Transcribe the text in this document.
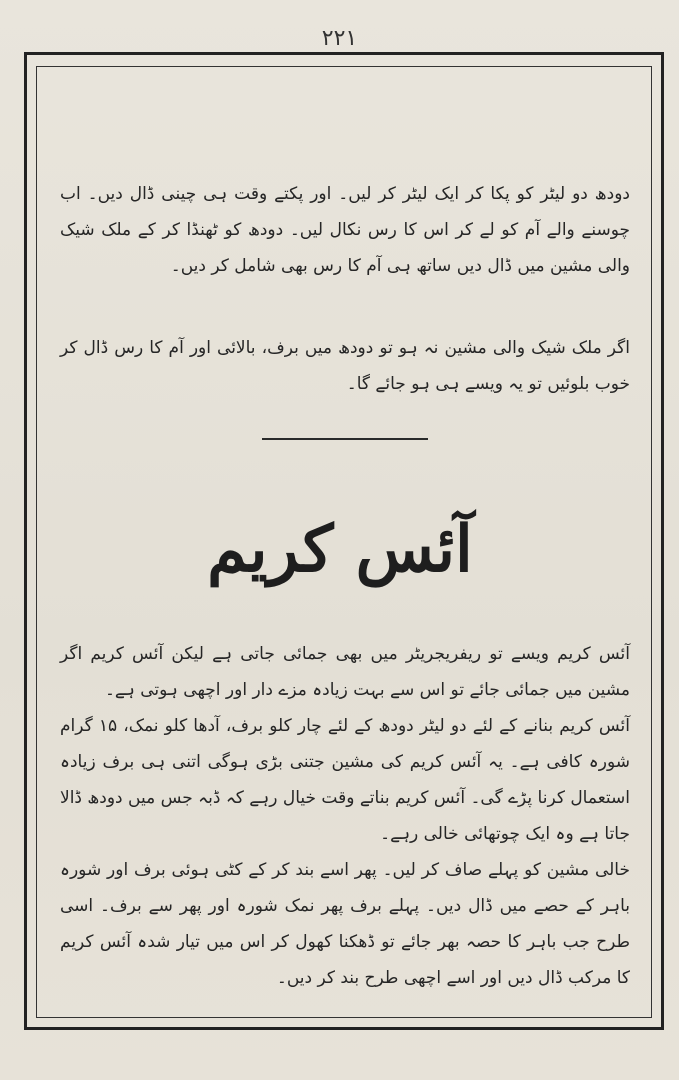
۲۲۱

دودھ دو لیٹر کو پکا کر ایک لیٹر کر لیں۔ اور پکتے وقت ہی چینی ڈال دیں۔ اب چوسنے والے آم کو لے کر اس کا رس نکال لیں۔ دودھ کو ٹھنڈا کر کے ملک شیک والی مشین میں ڈال دیں ساتھ ہی آم کا رس بھی شامل کر دیں۔

اگر ملک شیک والی مشین نہ ہو تو دودھ میں برف، بالائی اور آم کا رس ڈال کر خوب بلوئیں تو یہ ویسے ہی ہو جائے گا۔

آئس کریم

آئس کریم ویسے تو ریفریجریٹر میں بھی جمائی جاتی ہے لیکن آئس کریم اگر مشین میں جمائی جائے تو اس سے بہت زیادہ مزے دار اور اچھی ہوتی ہے۔

آئس کریم بنانے کے لئے دو لیٹر دودھ کے لئے چار کلو برف، آدھا کلو نمک، ۱۵ گرام شورہ کافی ہے۔ یہ آئس کریم کی مشین جتنی بڑی ہوگی اتنی ہی برف زیادہ استعمال کرنا پڑے گی۔ آئس کریم بناتے وقت خیال رہے کہ ڈبہ جس میں دودھ ڈالا جاتا ہے وہ ایک چوتھائی خالی رہے۔

خالی مشین کو پہلے صاف کر لیں۔ پھر اسے بند کر کے کٹی ہوئی برف اور شورہ باہر کے حصے میں ڈال دیں۔ پہلے برف پھر نمک شورہ اور پھر سے برف۔ اسی طرح جب باہر کا حصہ بھر جائے تو ڈھکنا کھول کر اس میں تیار شدہ آئس کریم کا مرکب ڈال دیں اور اسے اچھی طرح بند کر دیں۔
